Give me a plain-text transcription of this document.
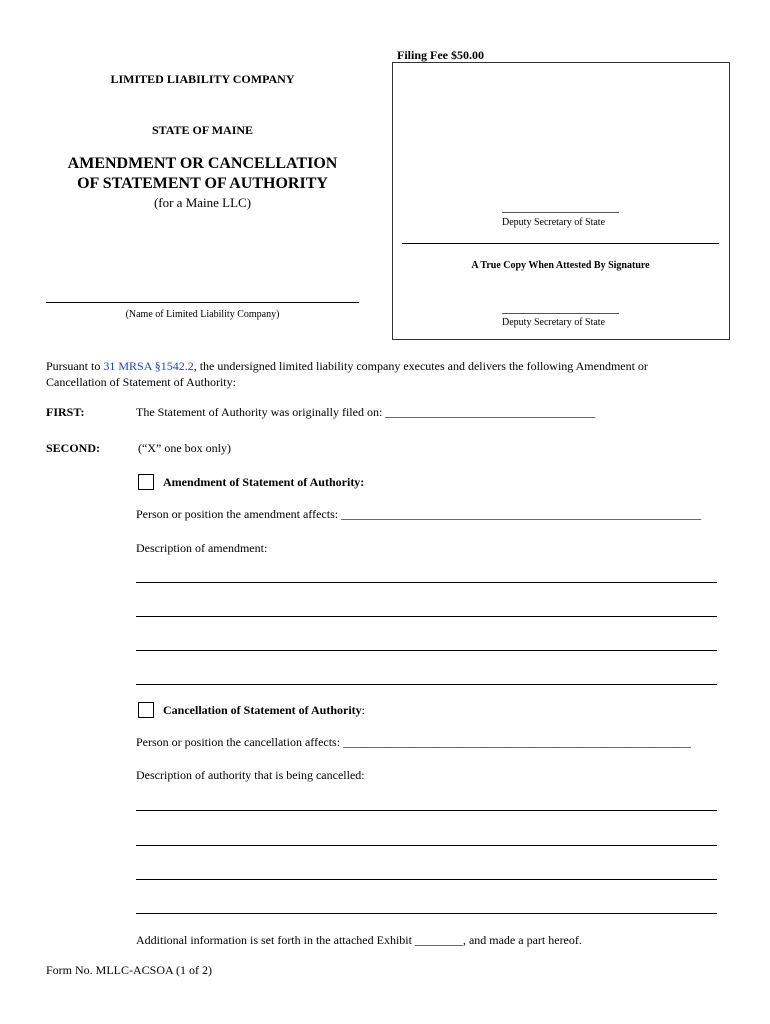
Filing Fee $50.00
LIMITED LIABILITY COMPANY
STATE OF MAINE
AMENDMENT OR CANCELLATION
OF STATEMENT OF AUTHORITY
(for a Maine LLC)
(Name of Limited Liability Company)
Deputy Secretary of State
A True Copy When Attested By Signature
Deputy Secretary of State
Pursuant to 31 MRSA §1542.2, the undersigned limited liability company executes and delivers the following Amendment or
Cancellation of Statement of Authority:
FIRST:	The Statement of Authority was originally filed on: ___________________________________
SECOND:	(“X” one box only)
Amendment of Statement of Authority:
Person or position the amendment affects: ____________________________________________________________
Description of amendment:
Cancellation of Statement of Authority:
Person or position the cancellation affects: __________________________________________________________
Description of authority that is being cancelled:
Additional information is set forth in the attached Exhibit ________, and made a part hereof.
Form No. MLLC-ACSOA (1 of 2)
